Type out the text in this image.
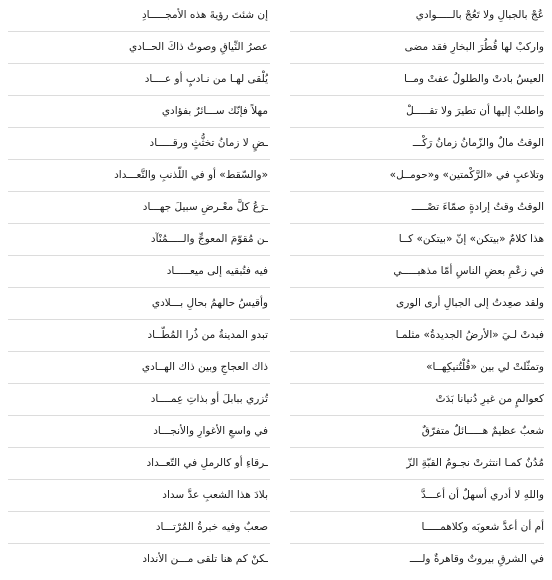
عُجْ بالجبالِ ولا تَعُجْ بالـــــوادي
إن شئتَ رؤيةَ هذه الأمجـــــادِ
واركبْ لها قُطُرَ البخارِ فقد مضى
عصرُ النِّياقِ وصوتُ ذاكَ الحــادي
العيسُ بادتْ والطلولُ عفتْ ومــا
يُلْقى لهـا من نـادبٍ أو عــــاد
واطلبْ إليها أن تطيرَ ولا تقـــــلْ
مهلاً فإنّك ســـائرٌ بفؤادي
الوقتُ مالٌ والزّمانُ زمانُ رَكْـــ
ـضٍ لا زمانُ تخثُّثٍ ورقـــــاد
وتلاعبٍ في «الرَّكْمتين» و«حومــل»
«والسّقط» أو في اللّذنبِ والتَّعـــداد
الوقتُ وقتُ إرادةٍ صمّاءَ تصْـــــ
ـرَعُ كلَّ معْـرضِ سبيلَ جهـــاد
هذا كلامٌ «بيتكن» إنّ «بيتكن» كــا
ـن مُقوّمَ المعوجِّ والـــــمُنْآد
في زعْمِ بعضِ الناسِ أمّا مذهبـــــي
فيه فتُبقيه إلى ميعـــــاد
ولقد صعِدتُ إلى الجبالِ أرى الورى
وأقيسُ حالهمُ بحالِ بـــلادي
فبدتْ لـيَ «الأرضُ الجديدةُ» مثلمـا
تبدو المدينةُ من ذُرا المُطّــاد
وتمثّلتْ لي بين «قُلْتُنيكِهــا»
ذاك العجاجِ وبين ذاك الهــادي
كعوالمٍ من غيرِ دُنيانا بَدَتْ
تُزري ببابلَ أو بذاتِ عِمــــاد
شعبٌ عظيمٌ هـــــائلٌ متفرّقٌ
في واسعِ الأغوارِ والأنجـــاد
مُدُنٌ كمـا انتثرتْ نجـومُ القبّةِ الزّ
ـرقاءِ أو كالرملِ في التّعــداد
واللهِ لا أدري أسهلٌ أن أعـــدَّ
بلادَ هذا الشعبِ عدَّ سداد
أم أن أعدَّ شعوبَه وكلاهمـــــا
صعبٌ وفيه خبرةُ المُرْتـــاد
في الشرقِ بيروتٌ وقاهرةٌ ولــــ
ـكنْ كم هنا تلقى مـــن الأنداد
